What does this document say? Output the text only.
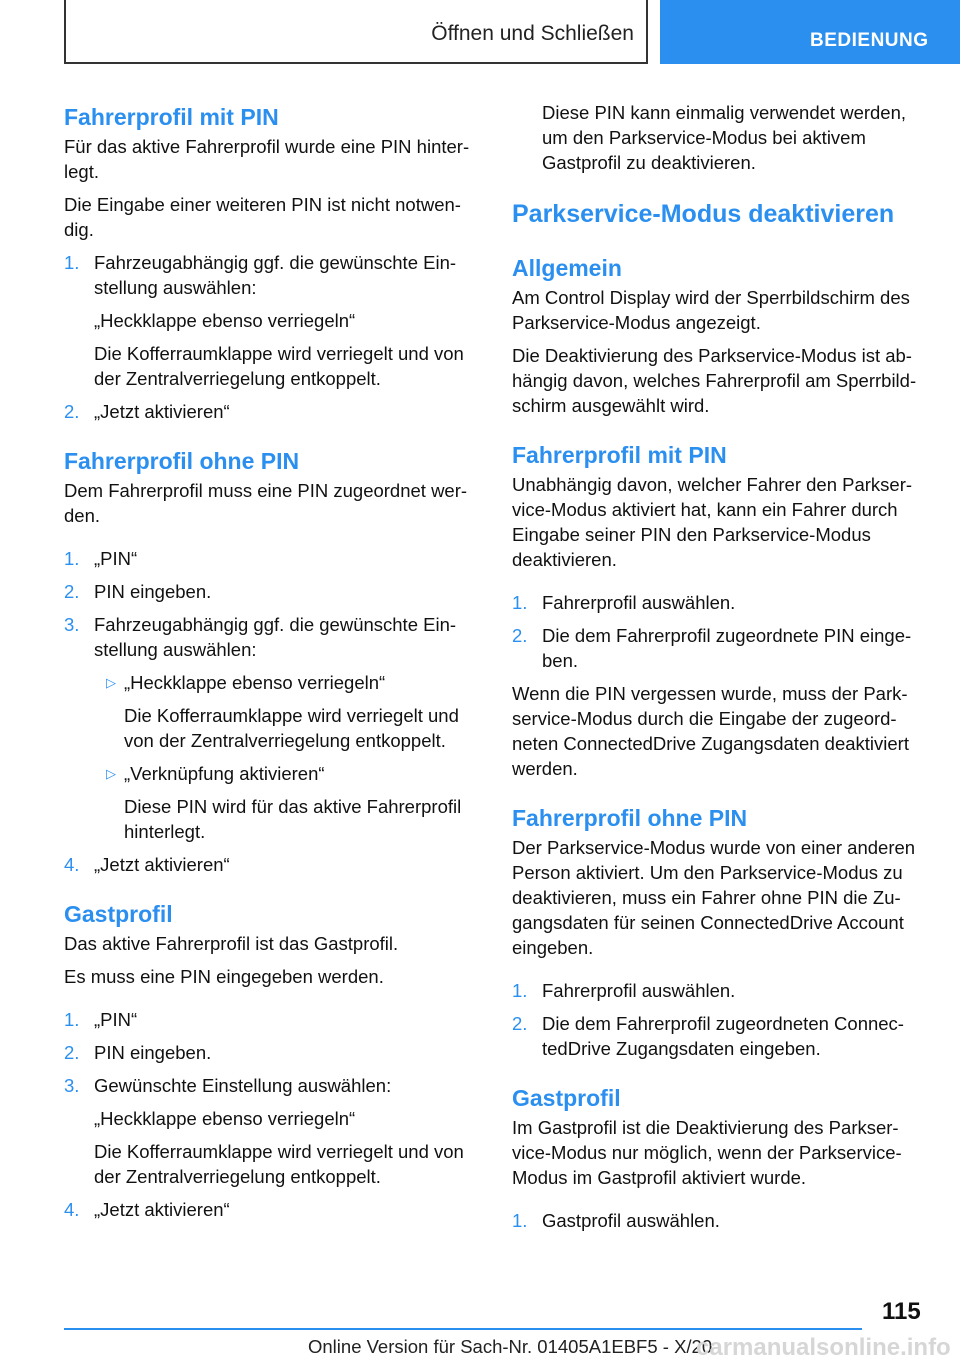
Öffnen und Schließen	BEDIENUNG
Fahrerprofil mit PIN

Für das aktive Fahrerprofil wurde eine PIN hinter-

legt.

Die Eingabe einer weiteren PIN ist nicht notwen-

dig.

1. Fahrzeugabhängig ggf. die gewünschte Ein-
stellung auswählen:
„Heckklappe ebenso verriegeln“
Die Kofferraumklappe wird verriegelt und von
der Zentralverriegelung entkoppelt.
2. „Jetzt aktivieren“
Fahrerprofil ohne PIN

Dem Fahrerprofil muss eine PIN zugeordnet wer-

den.

1. „PIN“
2. PIN eingeben.
3. Fahrzeugabhängig ggf. die gewünschte Ein-
stellung auswählen:
▷ „Heckklappe ebenso verriegeln“
Die Kofferraumklappe wird verriegelt und
von der Zentralverriegelung entkoppelt.
▷ „Verknüpfung aktivieren“
Diese PIN wird für das aktive Fahrerprofil
hinterlegt.
4. „Jetzt aktivieren“
Gastprofil

Das aktive Fahrerprofil ist das Gastprofil.

Es muss eine PIN eingegeben werden.

1. „PIN“
2. PIN eingeben.
3. Gewünschte Einstellung auswählen:
„Heckklappe ebenso verriegeln“
Die Kofferraumklappe wird verriegelt und von
der Zentralverriegelung entkoppelt.
4. „Jetzt aktivieren“
Diese PIN kann einmalig verwendet werden,
um den Parkservice-Modus bei aktivem
Gastprofil zu deaktivieren.
Parkservice-Modus deaktivieren
Allgemein

Am Control Display wird der Sperrbildschirm des

Parkservice-Modus angezeigt.

Die Deaktivierung des Parkservice-Modus ist ab-

hängig davon, welches Fahrerprofil am Sperrbild-

schirm ausgewählt wird.

Fahrerprofil mit PIN

Unabhängig davon, welcher Fahrer den Parkser-

vice-Modus aktiviert hat, kann ein Fahrer durch

Eingabe seiner PIN den Parkservice-Modus

deaktivieren.

1. Fahrerprofil auswählen.
2. Die dem Fahrerprofil zugeordnete PIN einge-
ben.

Wenn die PIN vergessen wurde, muss der Park-

service-Modus durch die Eingabe der zugeord-

neten ConnectedDrive Zugangsdaten deaktiviert

werden.

Fahrerprofil ohne PIN

Der Parkservice-Modus wurde von einer anderen

Person aktiviert. Um den Parkservice-Modus zu

deaktivieren, muss ein Fahrer ohne PIN die Zu-

gangsdaten für seinen ConnectedDrive Account

eingeben.

1. Fahrerprofil auswählen.
2. Die dem Fahrerprofil zugeordneten Connec-
tedDrive Zugangsdaten eingeben.
Gastprofil

Im Gastprofil ist die Deaktivierung des Parkser-

vice-Modus nur möglich, wenn der Parkservice-

Modus im Gastprofil aktiviert wurde.

1. Gastprofil auswählen.
115
Online Version für Sach-Nr. 01405A1EBF5 - X/20
carmanualsonline.info
